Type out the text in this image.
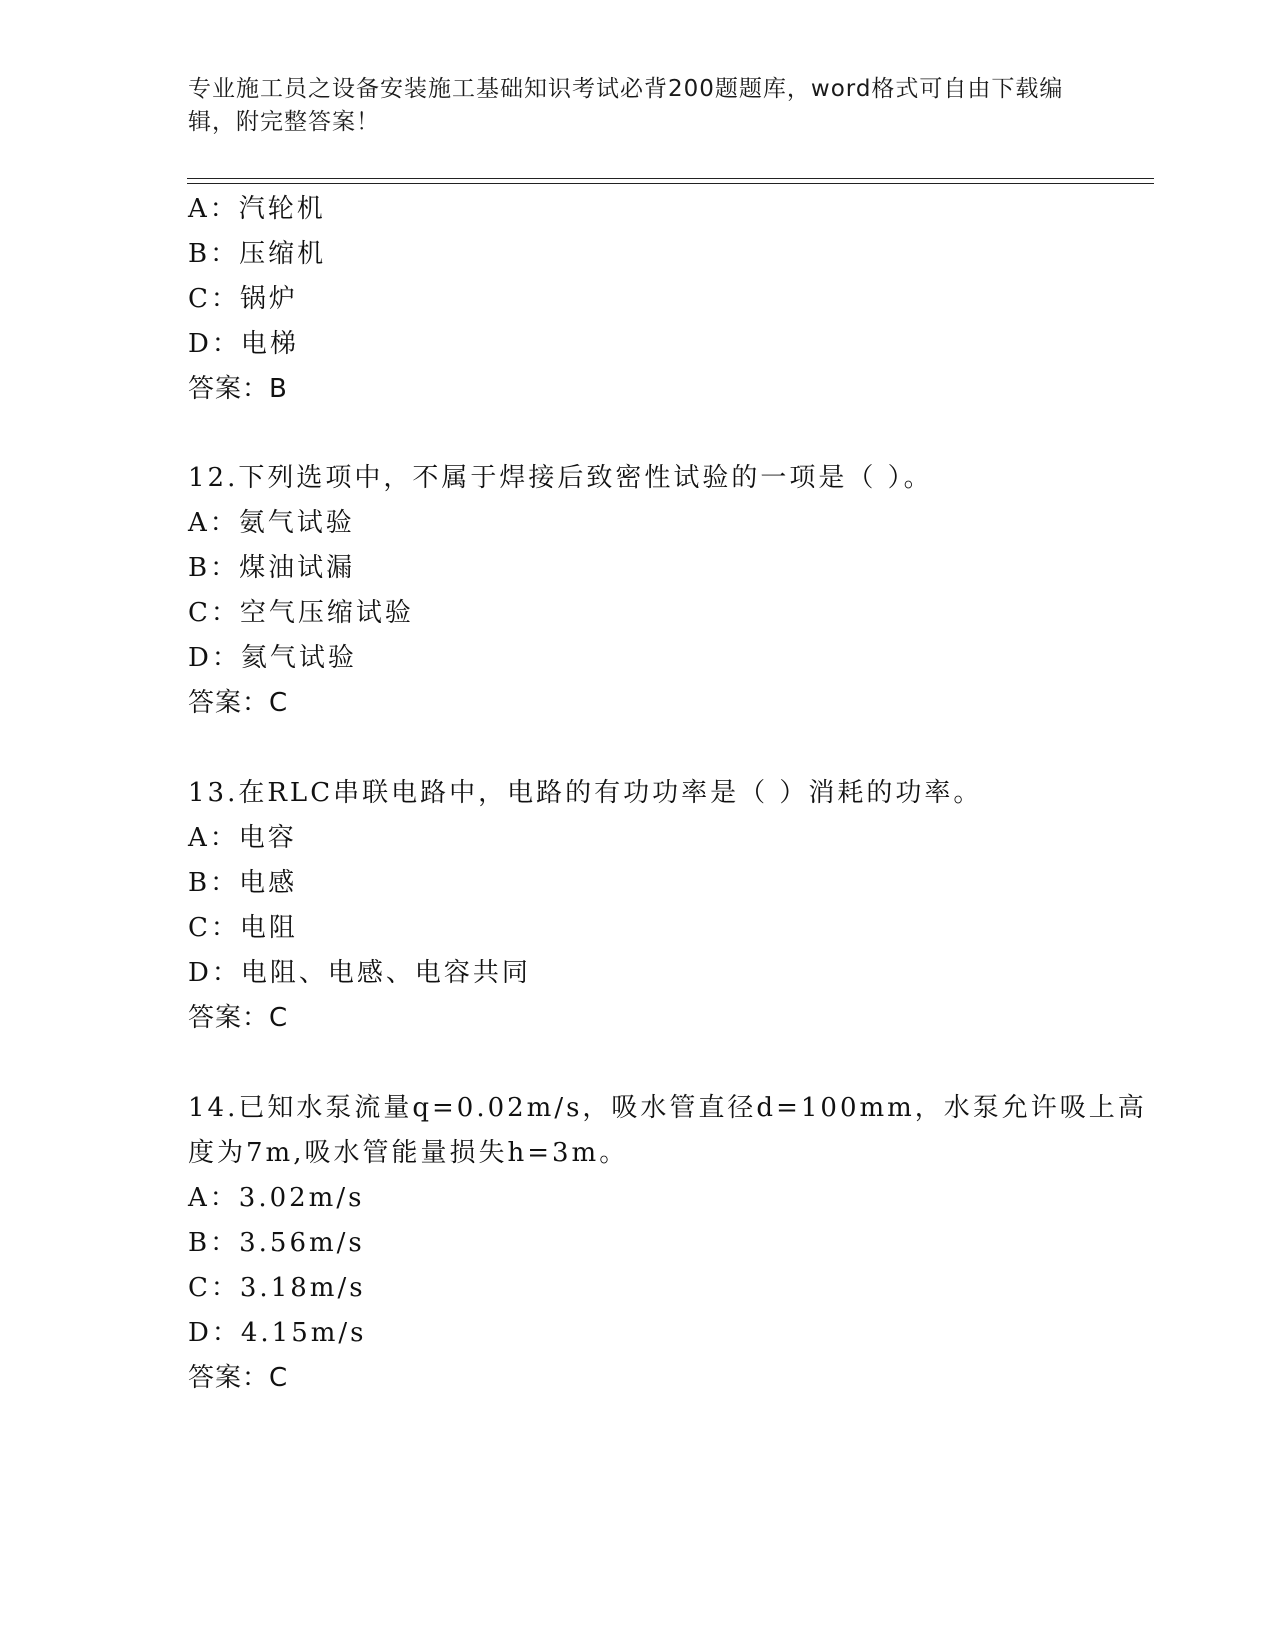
专业施工员之设备安装施工基础知识考试必背200题题库，word格式可自由下载编辑，附完整答案！
A：汽轮机
B：压缩机
C：锅炉
D：电梯
答案：B
12.下列选项中，不属于焊接后致密性试验的一项是（ ）。
A：氨气试验
B：煤油试漏
C：空气压缩试验
D：氦气试验
答案：C
13.在RLC串联电路中，电路的有功功率是（ ）消耗的功率。
A：电容
B：电感
C：电阻
D：电阻、电感、电容共同
答案：C
14.已知水泵流量q=0.02m/s，吸水管直径d=100mm，水泵允许吸上高
度为7m,吸水管能量损失h=3m。
A：3.02m/s
B：3.56m/s
C：3.18m/s
D：4.15m/s
答案：C
